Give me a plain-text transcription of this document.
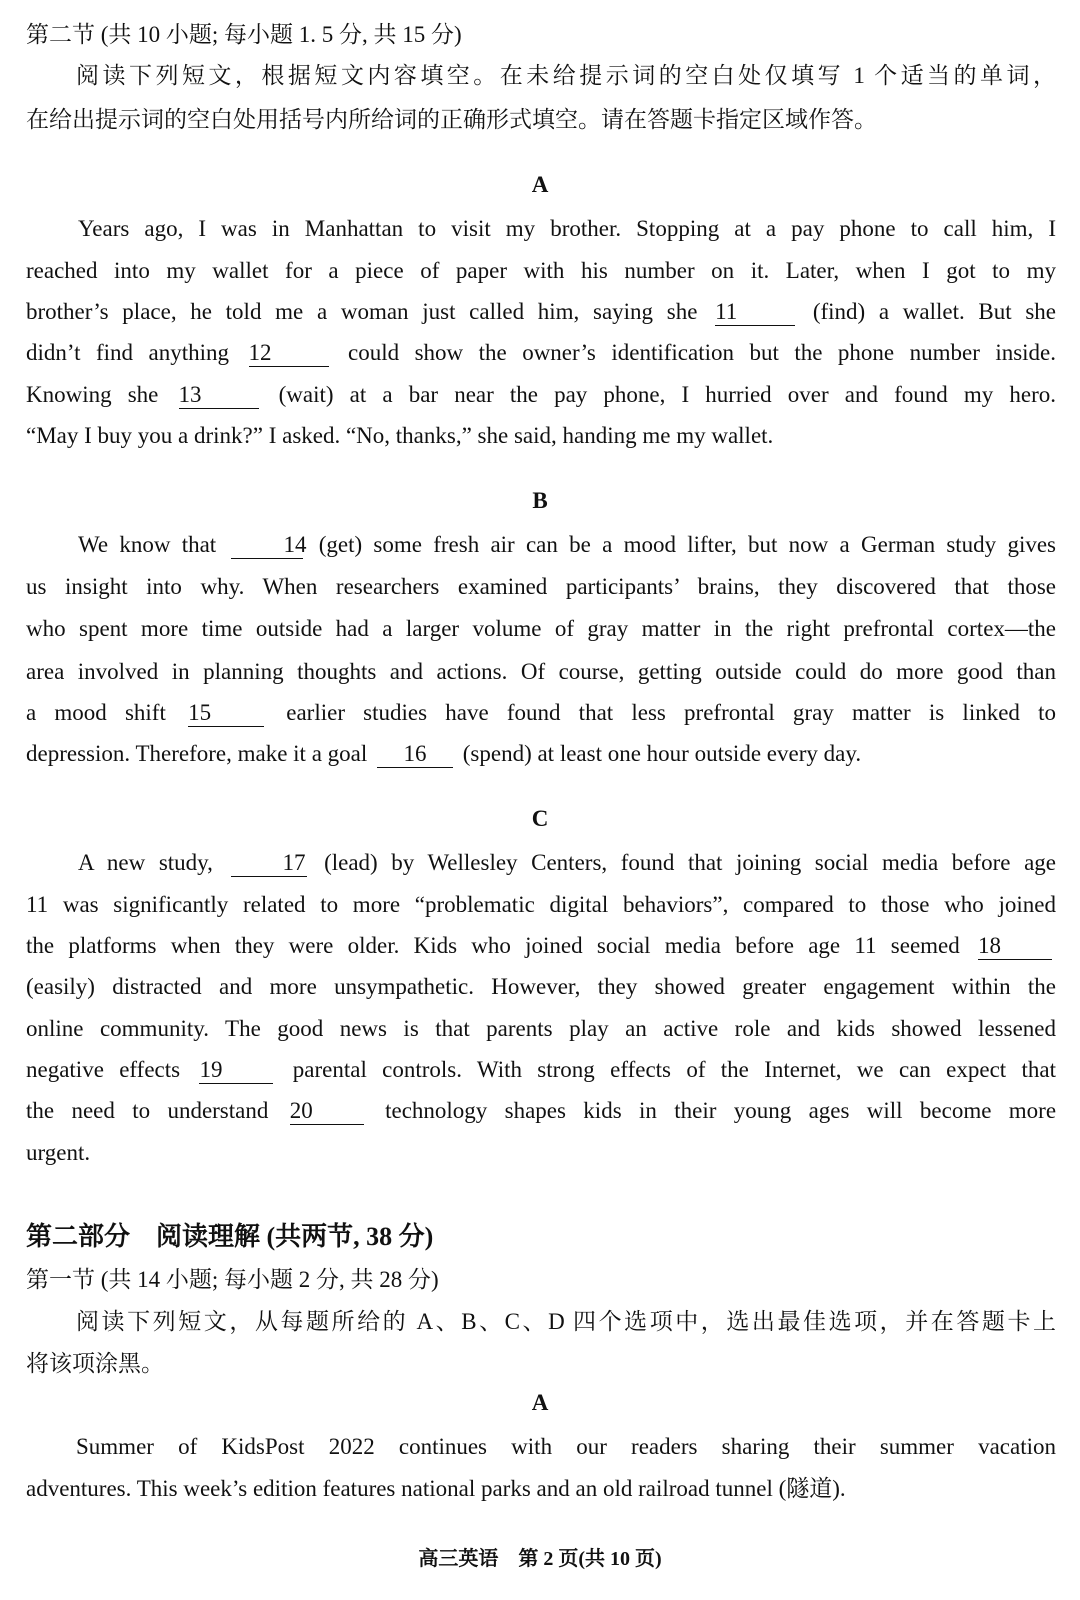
第二节 (共 10 小题; 每小题 1. 5 分, 共 15 分)
阅读下列短文，根据短文内容填空。在未给提示词的空白处仅填写 1 个适当的单词，
在给出提示词的空白处用括号内所给词的正确形式填空。请在答题卡指定区域作答。
A
Years ago, I was in Manhattan to visit my brother. Stopping at a pay phone to call him, I
reached into my wallet for a piece of paper with his number on it. Later, when I got to my
brother’s place, he told me a woman just called him, saying she 11	(find) a wallet. But she
didn’t find anything 12	could show the owner’s identification but the phone number inside.
Knowing she 13	(wait) at a bar near the pay phone, I hurried over and found my hero.
“May I buy you a drink?” I asked. “No, thanks,” she said, handing me my wallet.
B
We know that	14 (get) some fresh air can be a mood lifter, but now a German study gives
us insight into why. When researchers examined participants’ brains, they discovered that those
who spent more time outside had a larger volume of gray matter in the right prefrontal cortex—the
area involved in planning thoughts and actions. Of course, getting outside could do more good than
a mood shift 15	earlier studies have found that less prefrontal gray matter is linked to
depression. Therefore, make it a goal 16 (spend) at least one hour outside every day.
C
A new study,	17 (lead) by Wellesley Centers, found that joining social media before age
11 was significantly related to more “problematic digital behaviors”, compared to those who joined
the platforms when they were older. Kids who joined social media before age 11 seemed 18
(easily) distracted and more unsympathetic. However, they showed greater engagement within the
online community. The good news is that parents play an active role and kids showed lessened
negative effects 19	parental controls. With strong effects of the Internet, we can expect that
the need to understand 20	technology shapes kids in their young ages will become more
urgent.
第二部分　阅读理解 (共两节, 38 分)
第一节 (共 14 小题; 每小题 2 分, 共 28 分)
阅读下列短文，从每题所给的 A、B、C、D 四个选项中，选出最佳选项，并在答题卡上
将该项涂黑。
A
Summer of KidsPost 2022 continues with our readers sharing their summer vacation
adventures. This week’s edition features national parks and an old railroad tunnel (隧道).
高三英语　第 2 页(共 10 页)
